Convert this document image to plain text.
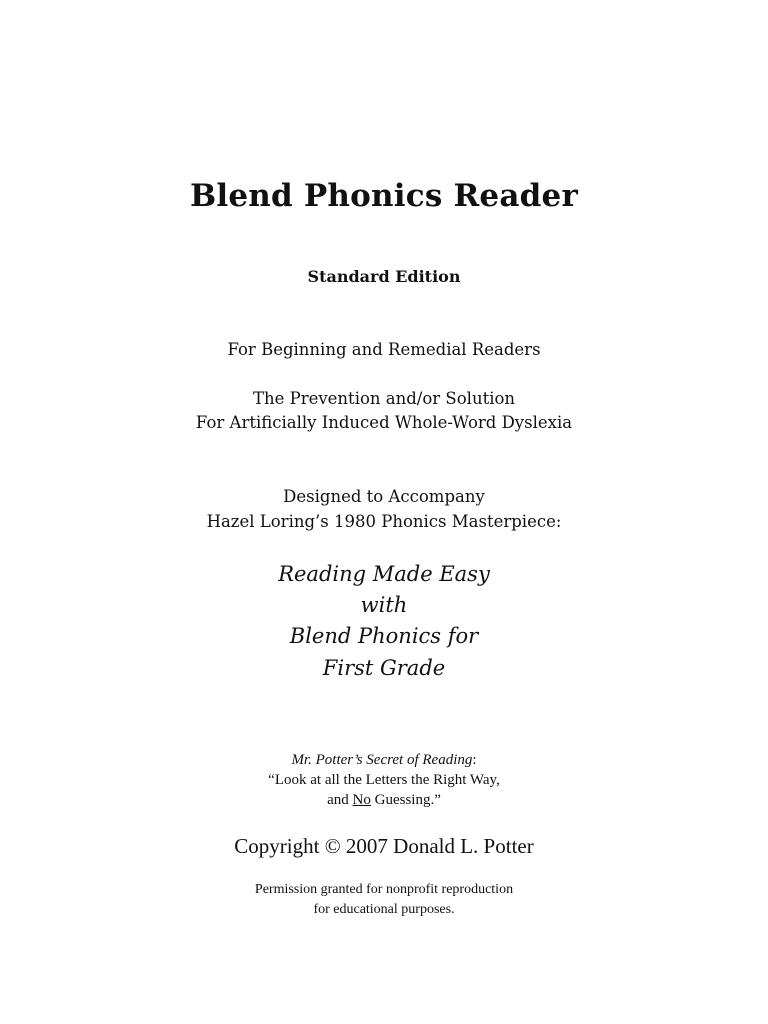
Blend Phonics Reader
Standard Edition
For Beginning and Remedial Readers
The Prevention and/or Solution
For Artificially Induced Whole-Word Dyslexia
Designed to Accompany
Hazel Loring’s 1980 Phonics Masterpiece:
Reading Made Easy
with
Blend Phonics for
First Grade
Mr. Potter’s Secret of Reading:
“Look at all the Letters the Right Way,
and No Guessing.”
Copyright © 2007 Donald L. Potter
Permission granted for nonprofit reproduction
for educational purposes.
